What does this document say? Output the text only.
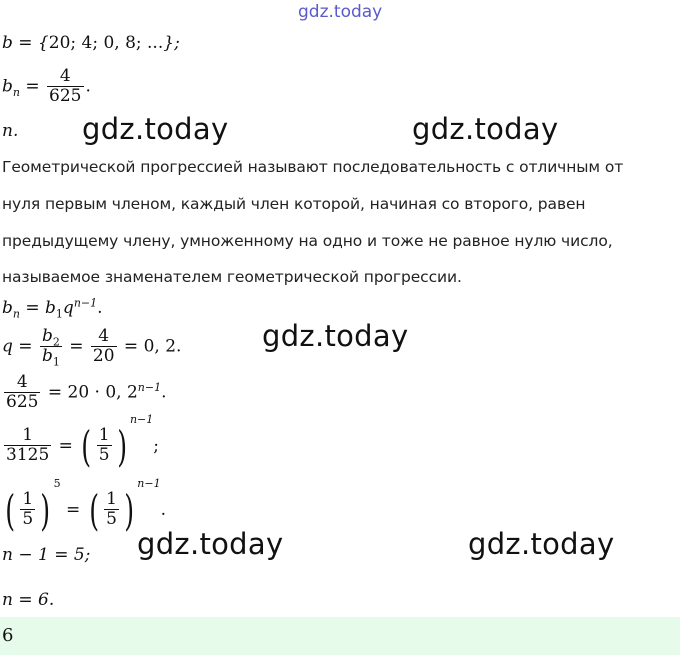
gdz.today
b = {20; 4; 0, 8; ...};
$b_n = \frac{4}{625}$ .
n. gdz.today	gdz.today
Геометрической прогрессией называют последовательность с отличным от
нуля первым членом, каждый член которой, начиная со второго, равен
предыдущему члену, умноженному на одно и тоже не равное нулю число,
называемое знаменателем геометрической прогрессии.
$b_n = b_1q^{n-1}$.
$q = \frac{b_2}{b_1} = \frac{4}{20} = 0$, 2.	gdz.today
$\frac{4}{625} = 20 \cdot 0$, $2^{n-1}$.
$\frac{1}{3125}$ = ( $\frac{1}{5} )^{n-1}$;
( $\frac{1}{5} )^5$ = ( $\frac{1}{5} )^{n-1}$.
n − 1 = 5; gdz.today	gdz.today
n = 6.
6
